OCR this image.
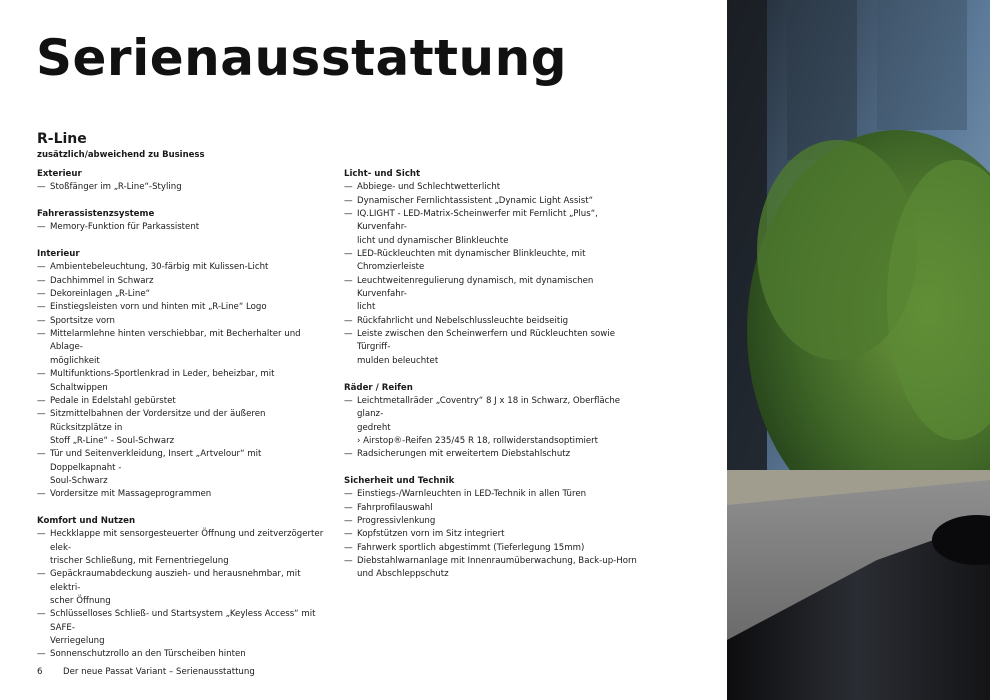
Serienausstattung
R-Line
zusätzlich/abweichend zu Business
Exterieur
— Stoßfänger im „R-Line“-Styling
Fahrerassistenzsysteme
— Memory-Funktion für Parkassistent
Interieur
— Ambientebeleuchtung, 30-färbig mit Kulissen-Licht
— Dachhimmel in Schwarz
— Dekoreinlagen „R-Line“
— Einstiegsleisten vorn und hinten mit „R-Line“ Logo
— Sportsitze vorn
— Mittelarmlehne hinten verschiebbar, mit Becherhalter und Ablage-
möglichkeit
— Multifunktions-Sportlenkrad in Leder, beheizbar, mit Schaltwippen
— Pedale in Edelstahl gebürstet
— Sitzmittelbahnen der Vordersitze und der äußeren Rücksitzplätze in
Stoff „R-Line“ - Soul-Schwarz
— Tür und Seitenverkleidung, Insert „Artvelour“ mit Doppelkapnaht -
Soul-Schwarz
— Vordersitze mit Massageprogrammen
Komfort und Nutzen
— Heckklappe mit sensorgesteuerter Öffnung und zeitverzögerter elek-
trischer Schließung, mit Fernentriegelung
— Gepäckraumabdeckung auszieh- und herausnehmbar, mit elektri-
scher Öffnung
— Schlüsselloses Schließ- und Startsystem „Keyless Access“ mit SAFE-
Verriegelung
— Sonnenschutzrollo an den Türscheiben hinten
Licht- und Sicht
— Abbiege- und Schlechtwetterlicht
— Dynamischer Fernlichtassistent „Dynamic Light Assist“
— IQ.LIGHT - LED-Matrix-Scheinwerfer mit Fernlicht „Plus“, Kurvenfahr-
licht und dynamischer Blinkleuchte
— LED-Rückleuchten mit dynamischer Blinkleuchte, mit Chromzierleiste
— Leuchtweitenregulierung dynamisch, mit dynamischen Kurvenfahr-
licht
— Rückfahrlicht und Nebelschlussleuchte beidseitig
— Leiste zwischen den Scheinwerfern und Rückleuchten sowie Türgriff-
mulden beleuchtet
Räder / Reifen
— Leichtmetallräder „Coventry“ 8 J x 18 in Schwarz, Oberfläche glanz-
gedreht
› Airstop®-Reifen 235/45 R 18, rollwiderstandsoptimiert
— Radsicherungen mit erweitertem Diebstahlschutz
Sicherheit und Technik
— Einstiegs-/Warnleuchten in LED-Technik in allen Türen
— Fahrprofilauswahl
— Progressivlenkung
— Kopfstützen vorn im Sitz integriert
— Fahrwerk sportlich abgestimmt (Tieferlegung 15mm)
— Diebstahlwarnanlage mit Innenraumüberwachung, Back-up-Horn
und Abschleppschutz
6 Der neue Passat Variant – Serienausstattung
